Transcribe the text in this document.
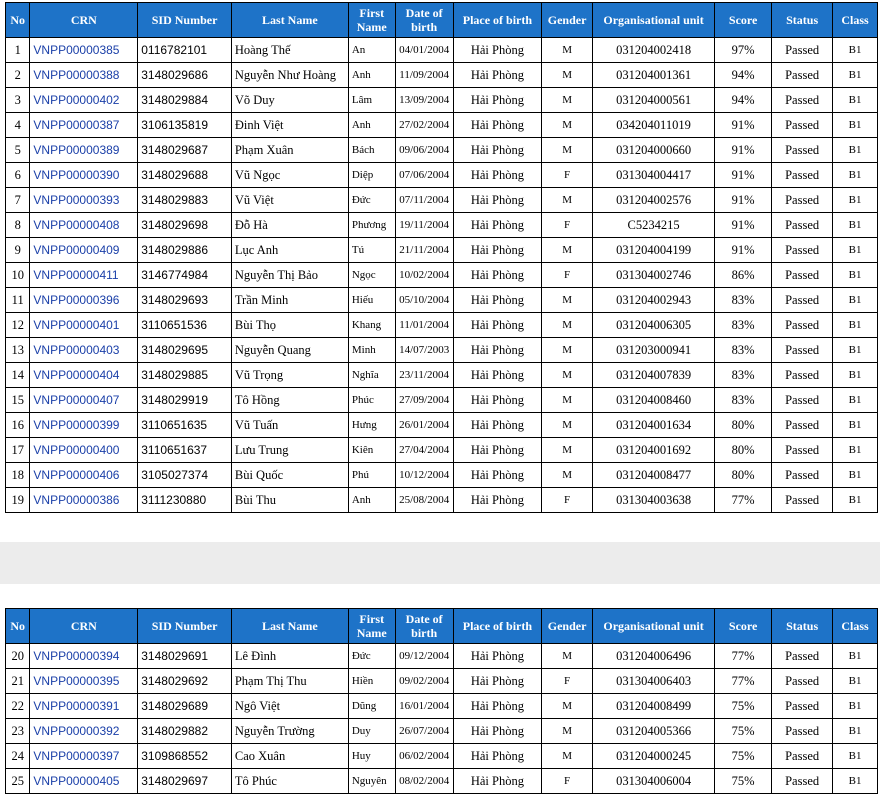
No	CRN	SID Number	Last Name	First Name	Date of birth	Place of birth	Gender	Organisational unit	Score	Status	Class
1	VNPP00000385	0116782101	Hoàng Thế	An	04/01/2004	Hải Phòng	M	031204002418	97%	Passed	B1
2	VNPP00000388	3148029686	Nguyễn Như Hoàng	Anh	11/09/2004	Hải Phòng	M	031204001361	94%	Passed	B1
3	VNPP00000402	3148029884	Võ Duy	Lâm	13/09/2004	Hải Phòng	M	031204000561	94%	Passed	B1
4	VNPP00000387	3106135819	Đinh Việt	Anh	27/02/2004	Hải Phòng	M	034204011019	91%	Passed	B1
5	VNPP00000389	3148029687	Phạm Xuân	Bách	09/06/2004	Hải Phòng	M	031204000660	91%	Passed	B1
6	VNPP00000390	3148029688	Vũ Ngọc	Diệp	07/06/2004	Hải Phòng	F	031304004417	91%	Passed	B1
7	VNPP00000393	3148029883	Vũ Việt	Đức	07/11/2004	Hải Phòng	M	031204002576	91%	Passed	B1
8	VNPP00000408	3148029698	Đỗ Hà	Phương	19/11/2004	Hải Phòng	F	C5234215	91%	Passed	B1
9	VNPP00000409	3148029886	Lục Anh	Tú	21/11/2004	Hải Phòng	M	031204004199	91%	Passed	B1
10	VNPP00000411	3146774984	Nguyễn Thị Bảo	Ngọc	10/02/2004	Hải Phòng	F	031304002746	86%	Passed	B1
11	VNPP00000396	3148029693	Trần Minh	Hiếu	05/10/2004	Hải Phòng	M	031204002943	83%	Passed	B1
12	VNPP00000401	3110651536	Bùi Thọ	Khang	11/01/2004	Hải Phòng	M	031204006305	83%	Passed	B1
13	VNPP00000403	3148029695	Nguyễn Quang	Minh	14/07/2003	Hải Phòng	M	031203000941	83%	Passed	B1
14	VNPP00000404	3148029885	Vũ Trọng	Nghĩa	23/11/2004	Hải Phòng	M	031204007839	83%	Passed	B1
15	VNPP00000407	3148029919	Tô Hồng	Phúc	27/09/2004	Hải Phòng	M	031204008460	83%	Passed	B1
16	VNPP00000399	3110651635	Vũ Tuấn	Hưng	26/01/2004	Hải Phòng	M	031204001634	80%	Passed	B1
17	VNPP00000400	3110651637	Lưu Trung	Kiên	27/04/2004	Hải Phòng	M	031204001692	80%	Passed	B1
18	VNPP00000406	3105027374	Bùi Quốc	Phú	10/12/2004	Hải Phòng	M	031204008477	80%	Passed	B1
19	VNPP00000386	3111230880	Bùi Thu	Anh	25/08/2004	Hải Phòng	F	031304003638	77%	Passed	B1
No	CRN	SID Number	Last Name	First Name	Date of birth	Place of birth	Gender	Organisational unit	Score	Status	Class
20	VNPP00000394	3148029691	Lê Đình	Đức	09/12/2004	Hải Phòng	M	031204006496	77%	Passed	B1
21	VNPP00000395	3148029692	Phạm Thị Thu	Hiền	09/02/2004	Hải Phòng	F	031304006403	77%	Passed	B1
22	VNPP00000391	3148029689	Ngô Việt	Dũng	16/01/2004	Hải Phòng	M	031204008499	75%	Passed	B1
23	VNPP00000392	3148029882	Nguyễn Trường	Duy	26/07/2004	Hải Phòng	M	031204005366	75%	Passed	B1
24	VNPP00000397	3109868552	Cao Xuân	Huy	06/02/2004	Hải Phòng	M	031204000245	75%	Passed	B1
25	VNPP00000405	3148029697	Tô Phúc	Nguyên	08/02/2004	Hải Phòng	F	031304006004	75%	Passed	B1
